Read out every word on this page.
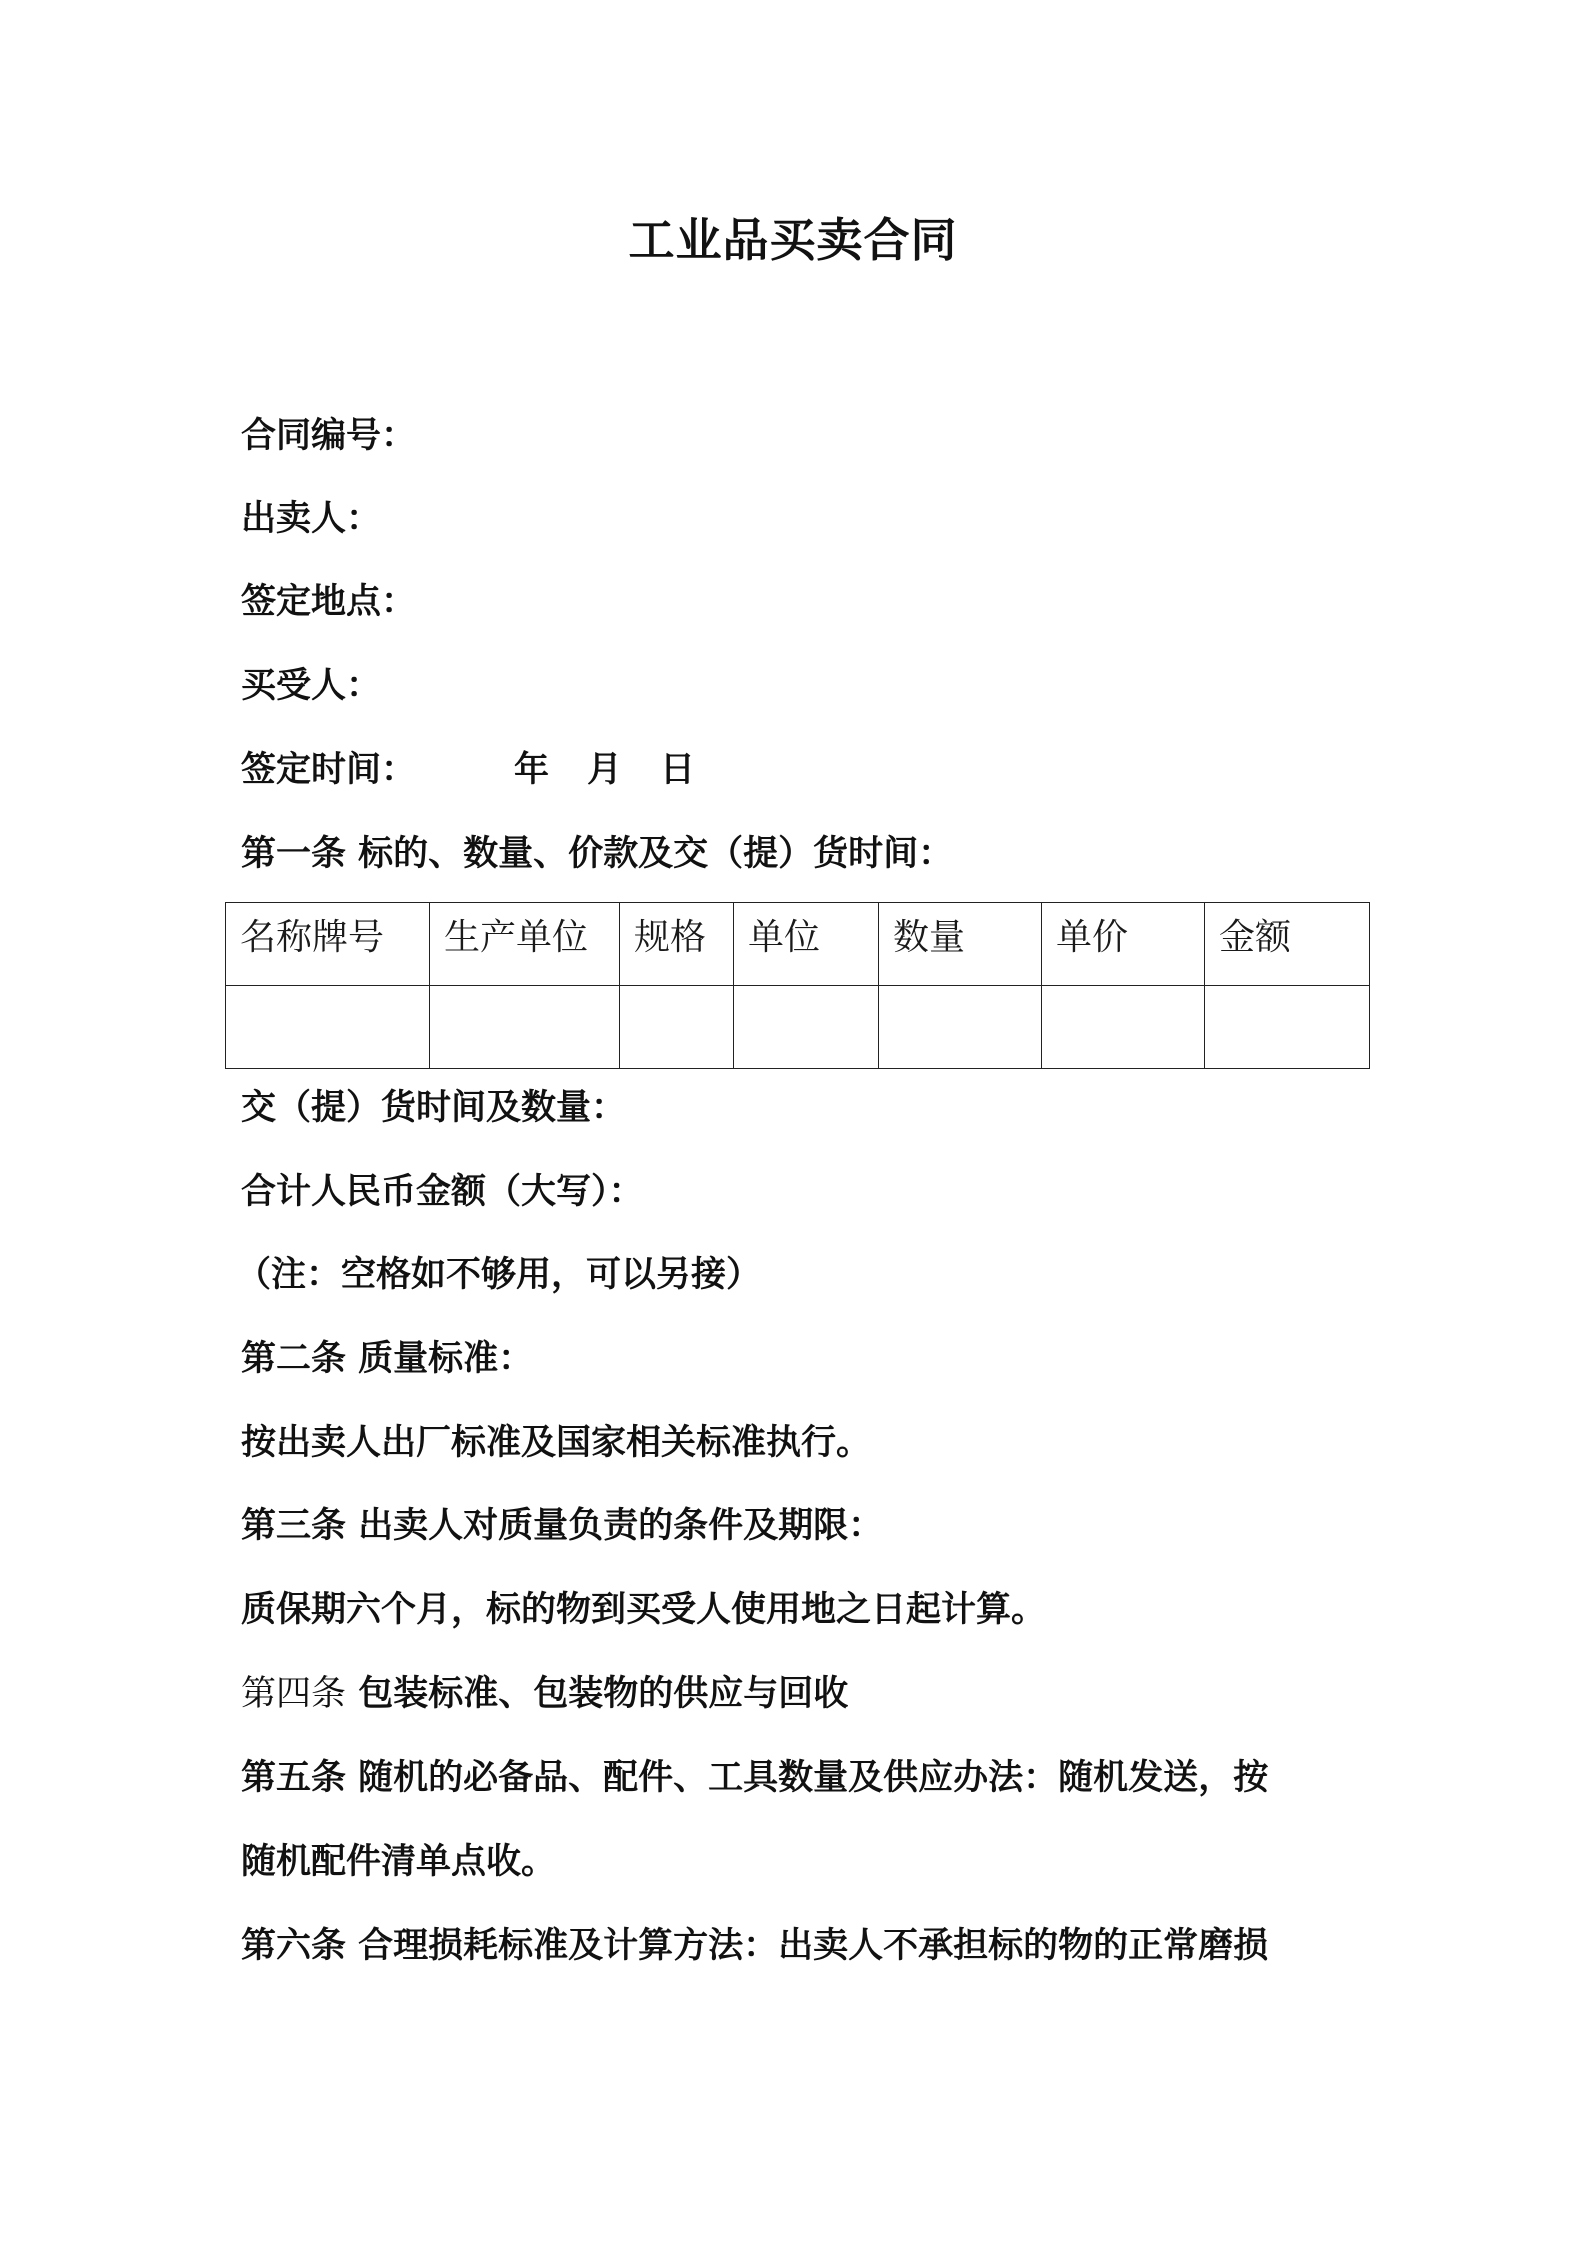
工业品买卖合同
合同编号：
出卖人：
签定地点：
买受人：
签定时间：	年 月 日
第一条 标的、数量、价款及交（提）货时间：
名称牌号	生产单位	规格	单位	数量	单价	金额

交（提）货时间及数量：
合计人民币金额（大写）：
（注：空格如不够用，可以另接）
第二条 质量标准：
按出卖人出厂标准及国家相关标准执行。
第三条 出卖人对质量负责的条件及期限：
质保期六个月，标的物到买受人使用地之日起计算。
第四条 包装标准、包装物的供应与回收
第五条 随机的必备品、配件、工具数量及供应办法：随机发送，按
随机配件清单点收。
第六条 合理损耗标准及计算方法：出卖人不承担标的物的正常磨损
